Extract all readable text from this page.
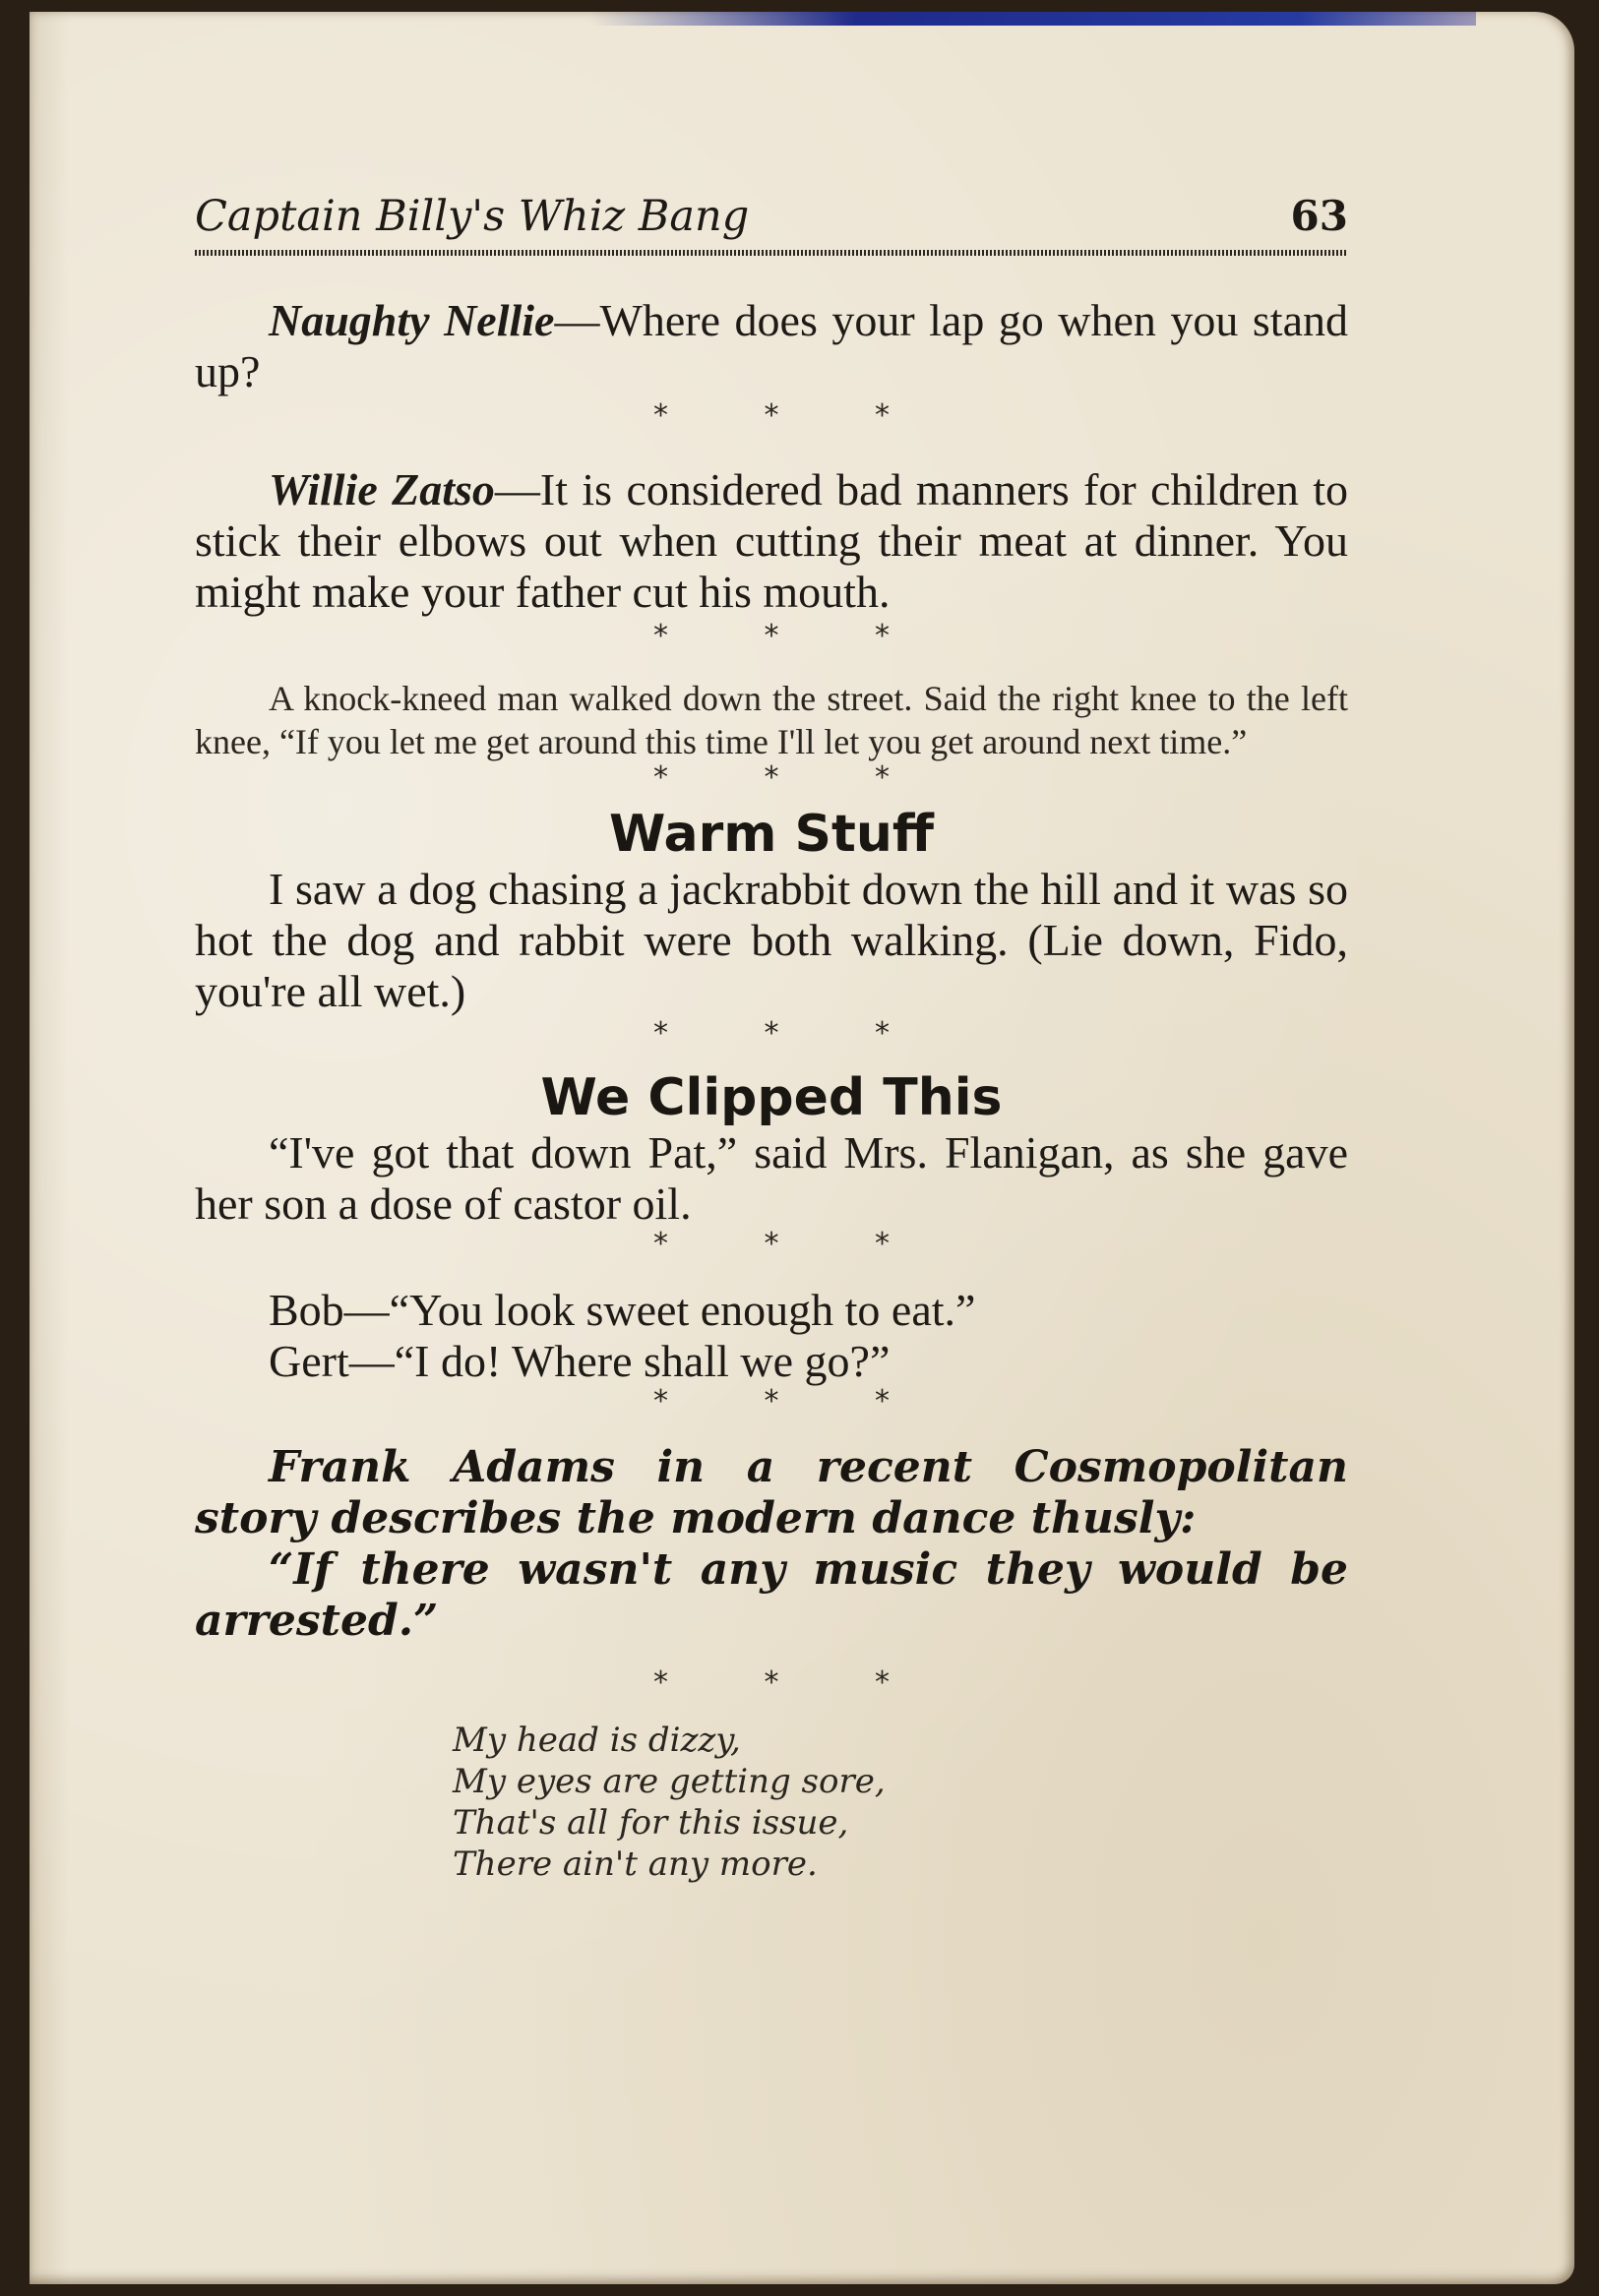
Captain Billy's Whiz Bang	63

Naughty Nellie—Where does your lap go when you stand up?

* * *

Willie Zatso—It is considered bad manners for children to stick their elbows out when cutting their meat at dinner. You might make your father cut his mouth.

* * *

A knock-kneed man walked down the street. Said the right knee to the left knee, “If you let me get around this time I'll let you get around next time.”

* * *
Warm Stuff

I saw a dog chasing a jackrabbit down the hill and it was so hot the dog and rabbit were both walking. (Lie down, Fido, you're all wet.)

* * *
We Clipped This

“I've got that down Pat,” said Mrs. Flanigan, as she gave her son a dose of castor oil.

* * *
Bob—“You look sweet enough to eat.”
Gert—“I do! Where shall we go?”
* * *

Frank Adams in a recent Cosmopolitan story describes the modern dance thusly:

“If there wasn't any music they would be arrested.”

* * *
My head is dizzy,
My eyes are getting sore,
That's all for this issue,
There ain't any more.
